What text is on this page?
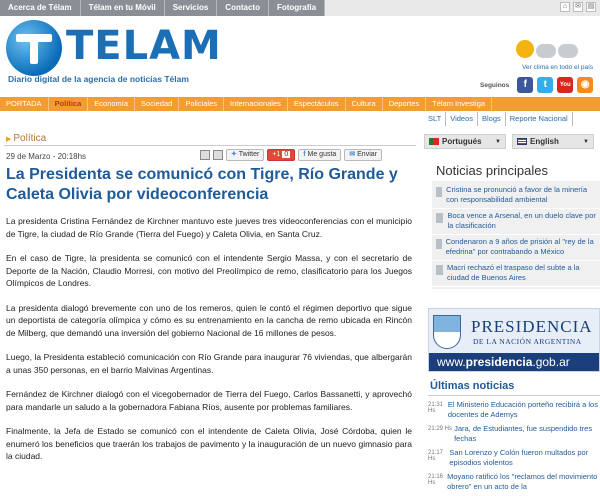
Acerca de Télam	Télam en tu Móvil	Servicios	Contacto	Fotografía	⌂	✉ ▤
TELAM
Diario digital de la agencia de noticias Télam
Ver clima en todo el país
Seguinos	f	t	You	◉
PORTADA	Política	Economía	Sociedad	Policiales	Internacionales	Espectáculos	Cultura	Deportes	Télam Investiga
▶ Política
29 de Marzo - 20:18hs	✦ Twitter	+1 0	f Me gusta	✉ Enviar
La Presidenta se comunicó con Tigre, Río Grande y Caleta Olivia por videoconferencia

La presidenta Cristina Fernández de Kirchner mantuvo este jueves tres videoconferencias con el municipio de Tigre, la ciudad de Río Grande (Tierra del Fuego) y Caleta Olivia, en Santa Cruz.

En el caso de Tigre, la presidenta se comunicó con el intendente Sergio Massa, y con el secretario de Deporte de la Nación, Claudio Morresi, con motivo del Preolímpico de remo, clasificatorio para los Juegos Olímpicos de Londres.

La presidenta dialogó brevemente con uno de los remeros, quien le contó el régimen deportivo que sigue un deportista de categoría olímpica y cómo es su entrenamiento en la cancha de remo ubicada en Rincón de Milberg, que demandó una inversión del gobierno Nacional de 16 millones de pesos.

Luego, la Presidenta estableció comunicación con Río Grande para inaugurar 76 viviendas, que albergarán a unas 350 personas, en el barrio Malvinas Argentinas.

Fernández de Kirchner dialogó con el vicegobernador de Tierra del Fuego, Carlos Bassanetti, y aprovechó para mandarle un saludo a la gobernadora Fabiana Ríos, ausente por problemas familiares.

Finalmente, la Jefa de Estado se comunicó con el intendente de Caleta Olivia, José Córdoba, quien le enumeró los beneficios que traerán los trabajos de pavimento y la inauguración de un nuevo gimnasio para la ciudad.

SLT	Videos	Blogs	Reporte Nacional
Portugués ▼	English	▼
Noticias principales
Cristina se pronunció a favor de la minería con responsabilidad ambiental
Boca vence a Arsenal, en un duelo clave por la clasificación
Condenaron a 9 años de prisión al "rey de la efedrina" por contrabando a México
Macri rechazó el traspaso del subte a la ciudad de Buenos Aires
PRESIDENCIA
DE LA NACIÓN ARGENTINA
www.presidencia.gob.ar
Últimas noticias
21:31 Hs
El Ministerio Educación porteño recibirá a los docentes de Ademys
21:29 Hs Jara, de Estudiantes, fue suspendido tres fechas
21:17 Hs
San Lorenzo y Colón fueron multados por episodios violentos
21:16 Hs
Moyano ratificó los "reclamos del movimiento obrero" en un acto de la
